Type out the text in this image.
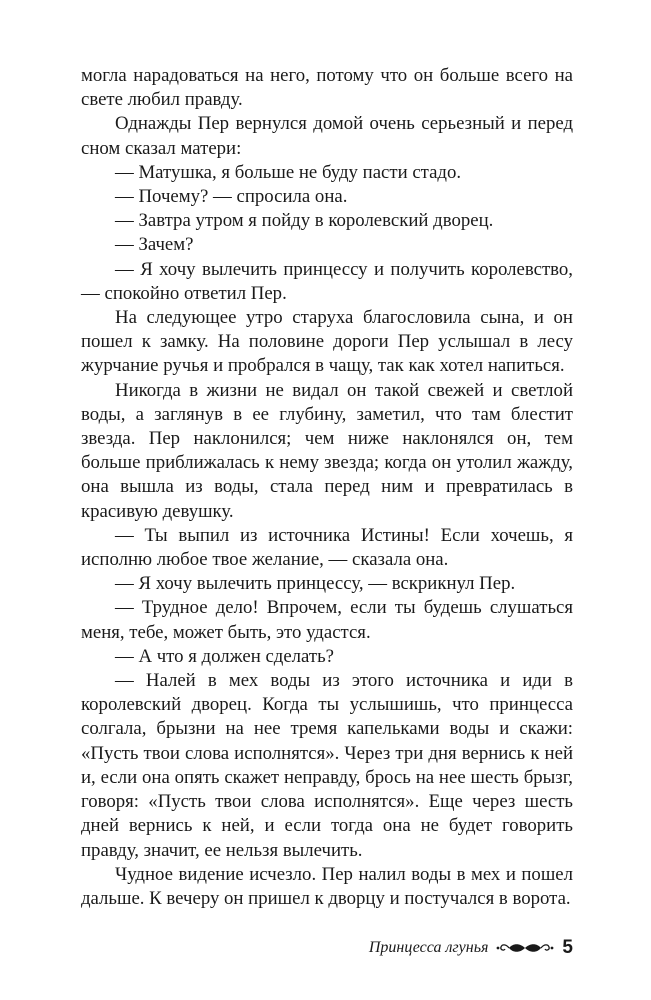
могла нарадоваться на него, потому что он больше всего на свете любил правду.

Однажды Пер вернулся домой очень серьезный и перед сном сказал матери:

— Матушка, я больше не буду пасти стадо.

— Почему? — спросила она.

— Завтра утром я пойду в королевский дворец.

— Зачем?

— Я хочу вылечить принцессу и получить королевство, — спокойно ответил Пер.

На следующее утро старуха благословила сына, и он пошел к замку. На половине дороги Пер услышал в лесу журчание ручья и пробрался в чащу, так как хотел напиться.

Никогда в жизни не видал он такой свежей и светлой воды, а заглянув в ее глубину, заметил, что там блестит звезда. Пер наклонился; чем ниже наклонялся он, тем больше приближалась к нему звезда; когда он утолил жажду, она вышла из воды, стала перед ним и превратилась в красивую девушку.

— Ты выпил из источника Истины! Если хочешь, я исполню любое твое желание, — сказала она.

— Я хочу вылечить принцессу, — вскрикнул Пер.

— Трудное дело! Впрочем, если ты будешь слушаться меня, тебе, может быть, это удастся.

— А что я должен сделать?

— Налей в мех воды из этого источника и иди в королевский дворец. Когда ты услышишь, что принцесса солгала, брызни на нее тремя капельками воды и скажи: «Пусть твои слова исполнятся». Через три дня вернись к ней и, если она опять скажет неправду, брось на нее шесть брызг, говоря: «Пусть твои слова исполнятся». Еще через шесть дней вернись к ней, и если тогда она не будет говорить правду, значит, ее нельзя вылечить.

Чудное видение исчезло. Пер налил воды в мех и пошел дальше. К вечеру он пришел к дворцу и постучался в ворота.

Принцесса лгунья	5
